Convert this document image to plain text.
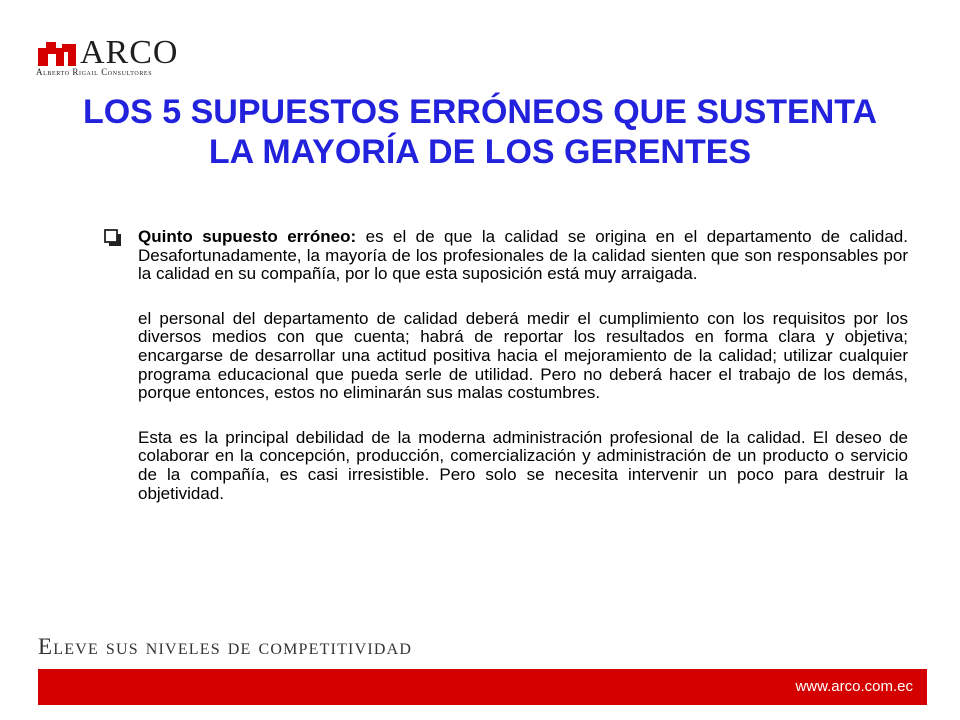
ARCO
Alberto Rigail Consultores
LOS 5 SUPUESTOS ERRÓNEOS QUE SUSTENTA LA MAYORÍA DE LOS GERENTES

Quinto supuesto erróneo: es el de que la calidad se origina en el departamento de calidad. Desafortunadamente, la mayoría de los profesionales de la calidad sienten que son responsables por la calidad en su compañía, por lo que esta suposición está muy arraigada.

el personal del departamento de calidad deberá medir el cumplimiento con los requisitos por los diversos medios con que cuenta; habrá de reportar los resultados en forma clara y objetiva; encargarse de desarrollar una actitud positiva hacia el mejoramiento de la calidad; utilizar cualquier programa educacional que pueda serle de utilidad. Pero no deberá hacer el trabajo de los demás, porque entonces, estos no eliminarán sus malas costumbres.

Esta es la principal debilidad de la moderna administración profesional de la calidad. El deseo de colaborar en la concepción, producción, comercialización y administración de un producto o servicio de la compañía, es casi irresistible. Pero solo se necesita intervenir un poco para destruir la objetividad.

Eleve sus niveles de competitividad
www.arco.com.ec
